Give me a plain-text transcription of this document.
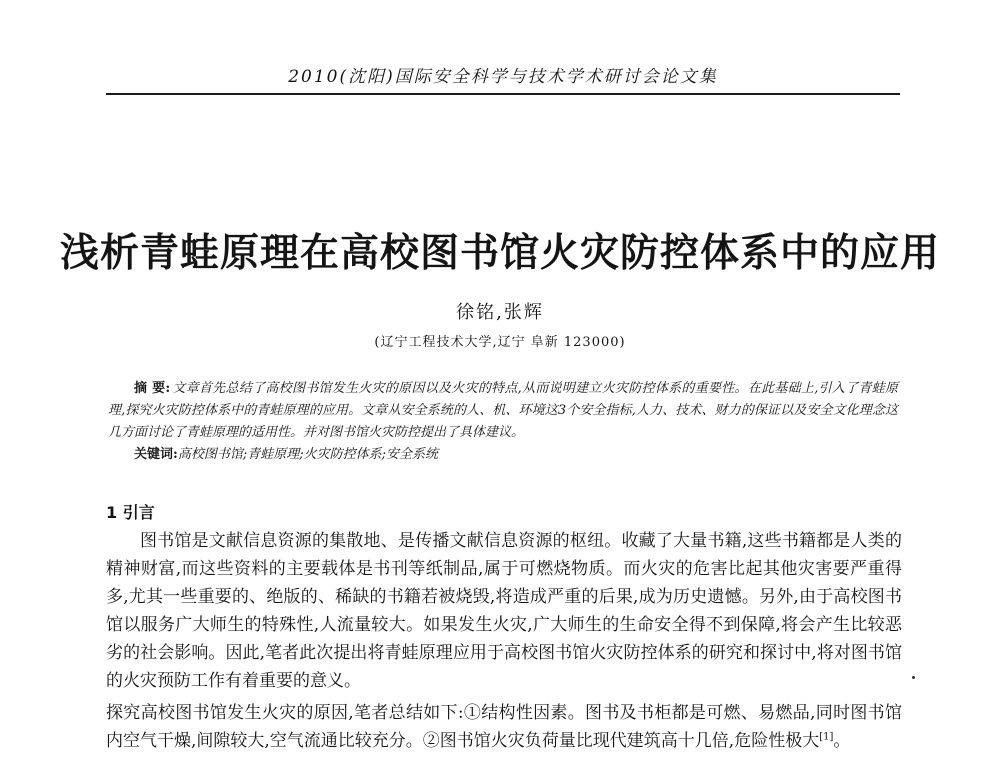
2010(沈阳)国际安全科学与技术学术研讨会论文集
浅析青蛙原理在高校图书馆火灾防控体系中的应用
徐铭,张辉
(辽宁工程技术大学,辽宁 阜新 123000)

摘 要: 文章首先总结了高校图书馆发生火灾的原因以及火灾的特点,从而说明建立火灾防控体系的重要性。在此基础上,引入了青蛙原理,探究火灾防控体系中的青蛙原理的应用。文章从安全系统的人、机、环境这3个安全指标,人力、技术、财力的保证以及安全文化理念这几方面讨论了青蛙原理的适用性。并对图书馆火灾防控提出了具体建议。

关键词:高校图书馆;青蛙原理;火灾防控体系;安全系统
1 引言

图书馆是文献信息资源的集散地、是传播文献信息资源的枢纽。收藏了大量书籍,这些书籍都是人类的精神财富,而这些资料的主要载体是书刊等纸制品,属于可燃烧物质。而火灾的危害比起其他灾害要严重得多,尤其一些重要的、绝版的、稀缺的书籍若被烧毁,将造成严重的后果,成为历史遗憾。另外,由于高校图书馆以服务广大师生的特殊性,人流量较大。如果发生火灾,广大师生的生命安全得不到保障,将会产生比较恶劣的社会影响。因此,笔者此次提出将青蛙原理应用于高校图书馆火灾防控体系的研究和探讨中,将对图书馆的火灾预防工作有着重要的意义。

探究高校图书馆发生火灾的原因,笔者总结如下:①结构性因素。图书及书柜都是可燃、易燃品,同时图书馆内空气干燥,间隙较大,空气流通比较充分。②图书馆火灾负荷量比现代建筑高十几倍,危险性极大[1]。
